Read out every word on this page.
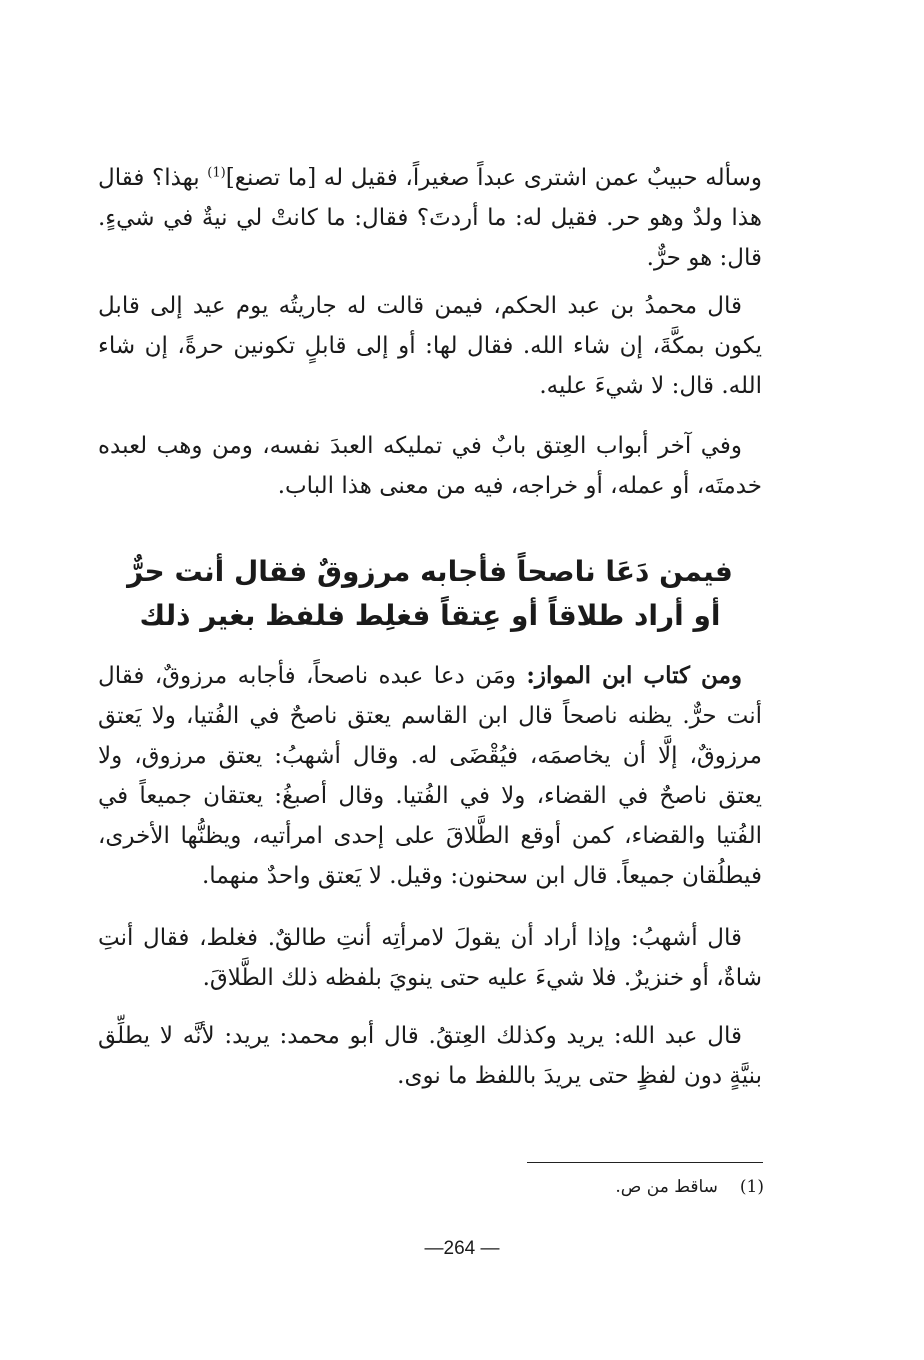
وسأله حبيبٌ عمن اشترى عبداً صغيراً، فقيل له [ما تصنع]$^{(1)}$ بهذا؟ فقال هذا ولدٌ وهو حر. فقيل له: ما أردتَ؟ فقال: ما كانتْ لي نيةٌ في شيءٍ. قال: هو حرٌّ.
قال محمدُ بن عبد الحكم، فيمن قالت له جاريتُه يوم عيد إلى قابل يكون بمكَّةَ، إن شاء الله. فقال لها: أو إلى قابلٍ تكونين حرةً، إن شاء الله. قال: لا شيءَ عليه.
وفي آخر أبواب العِتق بابٌ في تمليكه العبدَ نفسه، ومن وهب لعبده خدمتَه، أو عمله، أو خراجه، فيه من معنى هذا الباب.
فيمن دَعَا ناصحاً فأجابه مرزوقٌ فقال أنت حرٌّ
أو أراد طلاقاً أو عِتقاً فغلِط فلفظ بغير ذلك
ومن كتاب ابن المواز: ومَن دعا عبده ناصحاً، فأجابه مرزوقٌ، فقال أنت حرٌّ. يظنه ناصحاً قال ابن القاسم يعتق ناصحٌ في الفُتيا، ولا يَعتق مرزوقٌ، إلَّا أن يخاصمَه، فيُقْضَى له. وقال أشهبُ: يعتق مرزوق، ولا يعتق ناصحٌ في القضاء، ولا في الفُتيا. وقال أصبغُ: يعتقان جميعاً في الفُتيا والقضاء، كمن أوقع الطَّلاقَ على إحدى امرأتيه، ويظنُّها الأخرى، فيطلُقان جميعاً. قال ابن سحنون: وقيل. لا يَعتق واحدٌ منهما.
قال أشهبُ: وإذا أراد أن يقولَ لامرأتِه أنتِ طالقٌ. فغلط، فقال أنتِ شاةٌ، أو خنزيرٌ. فلا شيءَ عليه حتى ينويَ بلفظه ذلك الطَّلاقَ.
قال عبد الله: يريد وكذلك العِتقُ. قال أبو محمد: يريد: لأنَّه لا يطلِّق بنيَّةٍ دون لفظٍ حتى يريدَ باللفظ ما نوى.
(1)ساقط من ص.
—264 —
